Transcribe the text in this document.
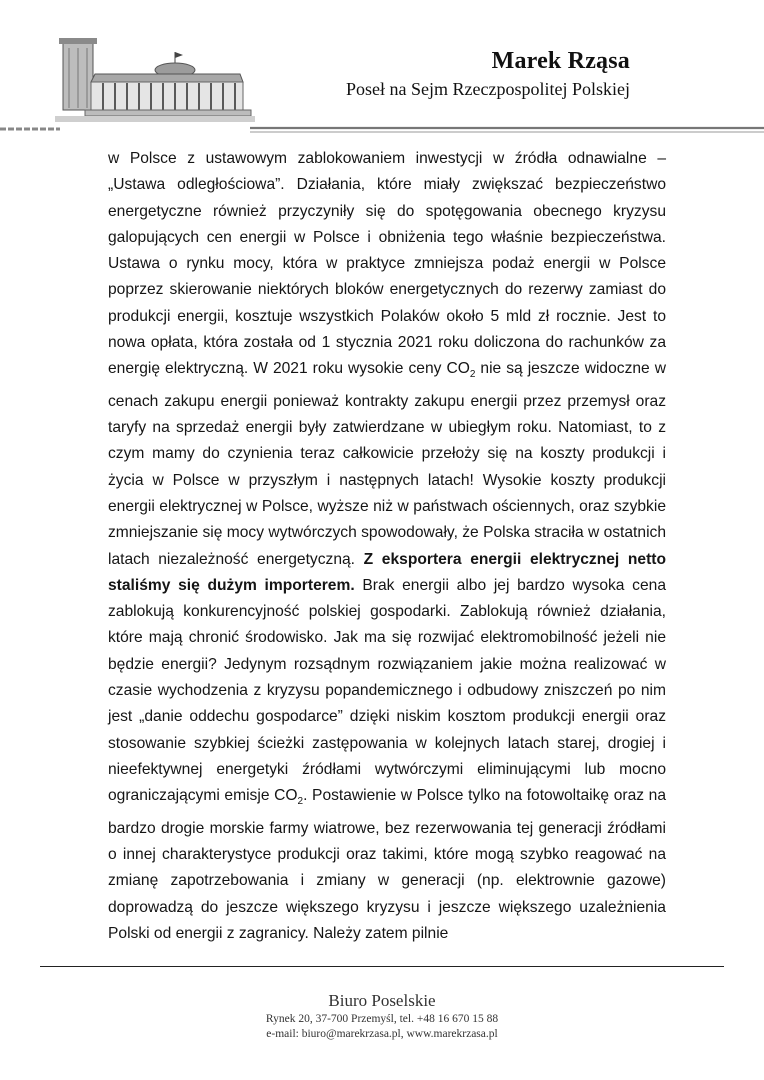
Marek Rząsa
Poseł na Sejm Rzeczpospolitej Polskiej

w Polsce z ustawowym zablokowaniem inwestycji w źródła odnawialne – „Ustawa odległościowa”. Działania, które miały zwiększać bezpieczeństwo energetyczne również przyczyniły się do spotęgowania obecnego kryzysu galopujących cen energii w Polsce i obniżenia tego właśnie bezpieczeństwa. Ustawa o rynku mocy, która w praktyce zmniejsza podaż energii w Polsce poprzez skierowanie niektórych bloków energetycznych do rezerwy zamiast do produkcji energii, kosztuje wszystkich Polaków około 5 mld zł rocznie. Jest to nowa opłata, która została od 1 stycznia 2021 roku doliczona do rachunków za energię elektryczną. W 2021 roku wysokie ceny $CO_2$ nie są jeszcze widoczne w cenach zakupu energii ponieważ kontrakty zakupu energii przez przemysł oraz taryfy na sprzedaż energii były zatwierdzane w ubiegłym roku. Natomiast, to z czym mamy do czynienia teraz całkowicie przełoży się na koszty produkcji i życia w Polsce w przyszłym i następnych latach! Wysokie koszty produkcji energii elektrycznej w Polsce, wyższe niż w państwach ościennych, oraz szybkie zmniejszanie się mocy wytwórczych spowodowały, że Polska straciła w ostatnich latach niezależność energetyczną. Z eksportera energii elektrycznej netto staliśmy się dużym importerem. Brak energii albo jej bardzo wysoka cena zablokują konkurencyjność polskiej gospodarki. Zablokują również działania, które mają chronić środowisko. Jak ma się rozwijać elektromobilność jeżeli nie będzie energii? Jedynym rozsądnym rozwiązaniem jakie można realizować w czasie wychodzenia z kryzysu popandemicznego i odbudowy zniszczeń po nim jest „danie oddechu gospodarce” dzięki niskim kosztom produkcji energii oraz stosowanie szybkiej ścieżki zastępowania w kolejnych latach starej, drogiej i nieefektywnej energetyki źródłami wytwórczymi eliminującymi lub mocno ograniczającymi emisje $CO_2$. Postawienie w Polsce tylko na fotowoltaikę oraz na bardzo drogie morskie farmy wiatrowe, bez rezerwowania tej generacji źródłami o innej charakterystyce produkcji oraz takimi, które mogą szybko reagować na zmianę zapotrzebowania i zmiany w generacji (np. elektrownie gazowe) doprowadzą do jeszcze większego kryzysu i jeszcze większego uzależnienia Polski od energii z zagranicy. Należy zatem pilnie

Biuro Poselskie
Rynek 20, 37-700 Przemyśl, tel. +48 16 670 15 88
e-mail: biuro@marekrzasa.pl, www.marekrzasa.pl
